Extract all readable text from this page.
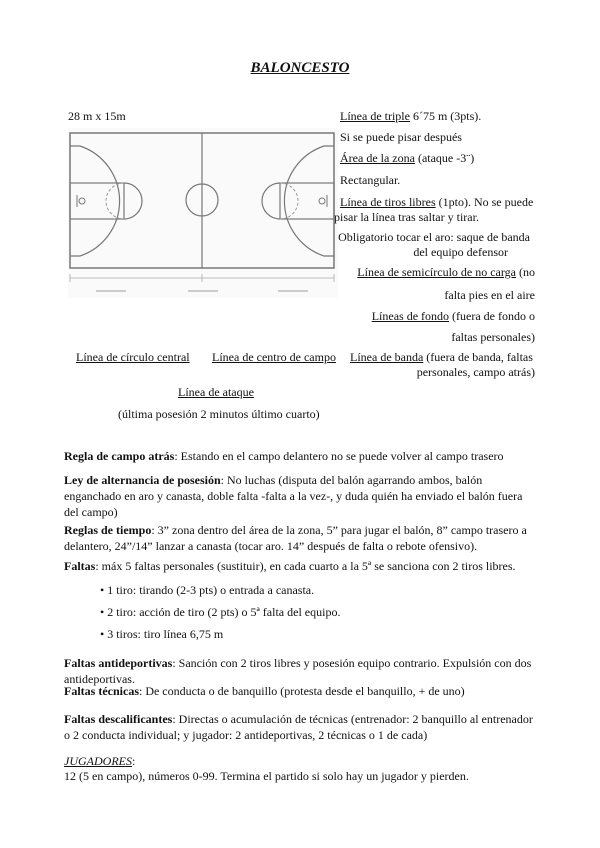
BALONCESTO
28 m x 15m	Línea de triple 6´75 m (3pts).
Si se puede pisar después
Área de la zona (ataque -3¨)
Rectangular.
Línea de tiros libres (1pto). No se puede
pisar la línea tras saltar y tirar.
Obligatorio tocar el aro: saque de banda
del equipo defensor
Línea de semicírculo de no carga (no
falta pies en el aire
Líneas de fondo (fuera de fondo o
faltas personales)
Línea de círculo central Línea de centro de campo Línea de banda (fuera de banda, faltas
personales, campo atrás)
Línea de ataque
(última posesión 2 minutos último cuarto)
Regla de campo atrás: Estando en el campo delantero no se puede volver al campo trasero
Ley de alternancia de posesión: No luchas (disputa del balón agarrando ambos, balón enganchado en aro y canasta, doble falta -falta a la vez-, y duda quién ha enviado el balón fuera del campo)
Reglas de tiempo: 3” zona dentro del área de la zona, 5” para jugar el balón, 8” campo trasero a delantero, 24”/14” lanzar a canasta (tocar aro. 14” después de falta o rebote ofensivo).
Faltas: máx 5 faltas personales (sustituir), en cada cuarto a la 5ª se sanciona con 2 tiros libres.
• 1 tiro: tirando (2-3 pts) o entrada a canasta.
• 2 tiro: acción de tiro (2 pts) o 5ª falta del equipo.
• 3 tiros: tiro línea 6,75 m
Faltas antideportivas: Sanción con 2 tiros libres y posesión equipo contrario. Expulsión con dos antideportivas.
Faltas técnicas: De conducta o de banquillo (protesta desde el banquillo, + de uno)
Faltas descalificantes: Directas o acumulación de técnicas (entrenador: 2 banquillo al entrenador o 2 conducta individual; y jugador: 2 antideportivas, 2 técnicas o 1 de cada)
JUGADORES:
12 (5 en campo), números 0-99. Termina el partido si solo hay un jugador y pierden.
